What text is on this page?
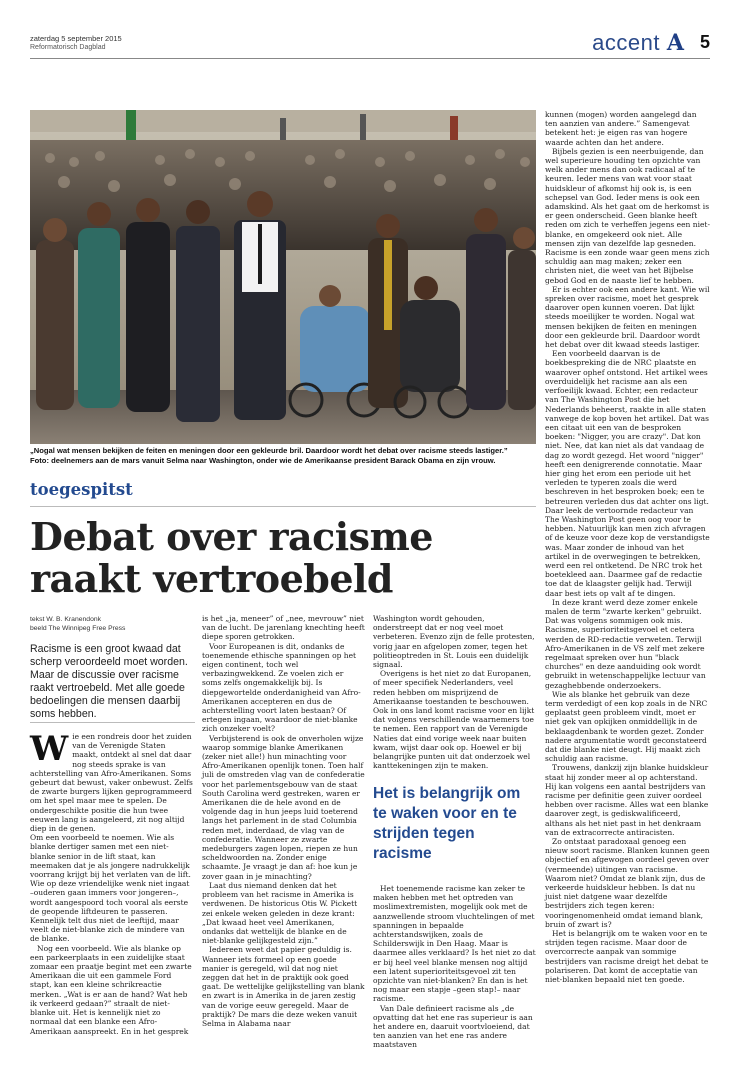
zaterdag 5 september 2015
Reformatorisch Dagblad	accent A 5
„Nogal wat mensen bekijken de feiten en meningen door een gekleurde bril. Daardoor wordt het debat over racisme steeds lastiger.”
Foto: deelnemers aan de mars vanuit Selma naar Washington, onder wie de Amerikaanse president Barack Obama en zijn vrouw.
toegespitst
Debat over racisme
raakt vertroebeld
tekst W. B. Kranendonk
beeld The Winnipeg Free Press
Racisme is een groot kwaad dat scherp veroordeeld moet worden. Maar de discussie over racisme raakt vertroebeld. Met alle goede bedoelingen die mensen daarbij soms hebben.
W ie een rondreis door het zuiden van de Verenigde Staten maakt, ontdekt al snel dat daar nog steeds sprake is van achterstelling van Afro-Amerikanen. Soms gebeurt dat bewust, vaker onbewust. Zelfs de zwarte burgers lijken geprogrammeerd om het spel maar mee te spelen. De ondergeschikte positie die hun twee eeuwen lang is aangeleerd, zit nog altijd diep in de genen.

Om een voorbeeld te noemen. Wie als blanke dertiger samen met een niet-blanke senior in de lift staat, kan meemaken dat je als jongere nadrukkelijk voorrang krijgt bij het verlaten van de lift. Wie op deze vriendelijke wenk niet ingaat –ouderen gaan immers voor jongeren–, wordt aangespoord toch vooral als eerste de geopende liftdeuren te passeren. Kennelijk telt dus niet de leeftijd, maar veelt de niet-blanke zich de mindere van de blanke.

Nog een voorbeeld. Wie als blanke op een parkeerplaats in een zuidelijke staat zomaar een praatje begint met een zwarte Amerikaan die uit een gammele Ford stapt, kan een kleine schrikreactie merken. „Wat is er aan de hand? Wat heb ik verkeerd gedaan?” straalt de niet-blanke uit. Het is kennelijk niet zo normaal dat een blanke een Afro-Amerikaan aanspreekt. En in het gesprek

is het „ja, meneer” of „nee, mevrouw” niet van de lucht. De jarenlang knechting heeft diepe sporen getrokken.

Voor Europeanen is dit, ondanks de toenemende ethische spanningen op het eigen continent, toch wel verbazingwekkend. Ze voelen zich er soms zelfs ongemakkelijk bij. Is diepgewortelde onderdanigheid van Afro-Amerikanen accepteren en dus de achterstelling voort laten bestaan? Of ertegen ingaan, waardoor de niet-blanke zich onzeker voelt?

Verbijsterend is ook de onverholen wijze waarop sommige blanke Amerikanen (zeker niet alle!) hun minachting voor Afro-Amerikanen openlijk tonen. Toen half juli de omstreden vlag van de confederatie voor het parlementsgebouw van de staat South Carolina werd gestreken, waren er Amerikanen die de hele avond en de volgende dag in hun jeeps luid toeterend langs het parlement in de stad Columbia reden met, inderdaad, de vlag van de confederatie. Wanneer ze zwarte medeburgers zagen lopen, riepen ze hun scheldwoorden na. Zonder enige schaamte. Je vraagt je dan af: hoe kun je zover gaan in je minachting?

Laat dus niemand denken dat het probleem van het racisme in Amerika is verdwenen. De historicus Otis W. Pickett zei enkele weken geleden in deze krant: „Dat kwaad heet veel Amerikanen, ondanks dat wettelijk de blanke en de niet-blanke gelijkgesteld zijn.”

Iedereen weet dat papier geduldig is. Wanneer iets formeel op een goede manier is geregeld, wil dat nog niet zeggen dat het in de praktijk ook goed gaat. De wettelijke gelijkstelling van blank en zwart is in Amerika in de jaren zestig van de vorige eeuw geregeld. Maar de praktijk? De mars die deze weken vanuit Selma in Alabama naar

Washington wordt gehouden, onderstreept dat er nog veel moet verbeteren. Evenzo zijn de felle protesten, vorig jaar en afgelopen zomer, tegen het politieoptreden in St. Louis een duidelijk signaal.

Overigens is het niet zo dat Europanen, of meer specifiek Nederlanders, veel reden hebben om misprijzend de Amerikaanse toestanden te beschouwen. Ook in ons land komt racisme voor en lijkt dat volgens verschillende waarnemers toe te nemen. Een rapport van de Verenigde Naties dat eind vorige week naar buiten kwam, wijst daar ook op. Hoewel er bij belangrijke punten uit dat onderzoek wel kanttekeningen zijn te maken.

Het is belangrijk om te waken voor en te strijden tegen racisme

Het toenemende racisme kan zeker te maken hebben met het optreden van moslimextremisten, mogelijk ook met de aanzwellende stroom vluchtelingen of met spanningen in bepaalde achterstandswijken, zoals de Schilderswijk in Den Haag. Maar is daarmee alles verklaard? Is het niet zo dat er bij heel veel blanke mensen nog altijd een latent superioriteitsgevoel zit ten opzichte van niet-blanken? En dan is het nog maar een stapje –geen stap!– naar racisme.

Van Dale definieert racisme als „de opvatting dat het ene ras superieur is aan het andere en, daaruit voortvloeiend, dat ten aanzien van het ene ras andere maatstaven

kunnen (mogen) worden aangelegd dan ten aanzien van andere.” Samengevat betekent het: je eigen ras van hogere waarde achten dan het andere.

Bijbels gezien is een neerbuigende, dan wel superieure houding ten opzichte van welk ander mens dan ook radicaal af te keuren. Ieder mens van wat voor staat huidskleur of afkomst hij ook is, is een schepsel van God. Ieder mens is ook een adamskind. Als het gaat om de herkomst is er geen onderscheid. Geen blanke heeft reden om zich te verheffen jegens een niet-blanke, en omgekeerd ook niet. Alle mensen zijn van dezelfde lap gesneden. Racisme is een zonde waar geen mens zich schuldig aan mag maken; zeker een christen niet, die weet van het Bijbelse gebod God en de naaste lief te hebben.

Er is echter ook een andere kant. Wie wil spreken over racisme, moet het gesprek daarover open kunnen voeren. Dat lijkt steeds moeilijker te worden. Nogal wat mensen bekijken de feiten en meningen door een gekleurde bril. Daardoor wordt het debat over dit kwaad steeds lastiger.

Een voorbeeld daarvan is de boekbespreking die de NRC plaatste en waarover ophef ontstond. Het artikel wees overduidelijk het racisme aan als een verfoeilijk kwaad. Echter, een redacteur van The Washington Post die het Nederlands beheerst, raakte in alle staten vanwege de kop boven het artikel. Dat was een citaat uit een van de besproken boeken: "Nigger, you are crazy". Dat kon niet. Nee, dat kan niet als dat vandaag de dag zo wordt gezegd. Het woord "nigger" heeft een denigrerende connotatie. Maar hier ging het erom een periode uit het verleden te typeren zoals die werd beschreven in het besproken boek; een te betreuren verleden dus dat achter ons ligt. Daar leek de vertoornde redacteur van The Washington Post geen oog voor te hebben. Natuurlijk kan men zich afvragen of de keuze voor deze kop de verstandigste was. Maar zonder de inhoud van het artikel in de overwegingen te betrekken, werd een rel ontketend. De NRC trok het boetekleed aan. Daarmee gaf de redactie toe dat de klaagster gelijk had. Terwijl daar best iets op valt af te dingen.

In deze krant werd deze zomer enkele malen de term "zwarte kerken" gebruikt. Dat was volgens sommigen ook mis. Racisme, superioriteitsgevoel et cetera werden de RD-redactie verweten. Terwijl Afro-Amerikanen in de VS zelf met zekere regelmaat spreken over hun "black churches" en deze aanduiding ook wordt gebruikt in wetenschappelijke lectuur van gezaghebbende onderzoekers.

Wie als blanke het gebruik van deze term verdedigt of een kop zoals in de NRC geplaatst geen probleem vindt, moet er niet gek van opkijken onmiddellijk in de beklaagdenbank te worden gezet. Zonder nadere argumentatie wordt geconstateerd dat die blanke niet deugt. Hij maakt zich schuldig aan racisme.

Trouwens, dankzij zijn blanke huidskleur staat hij zonder meer al op achterstand. Hij kan volgens een aantal bestrijders van racisme per definitie geen zuiver oordeel hebben over racisme. Alles wat een blanke daarover zegt, is gediskwalificeerd, althans als het niet past in het denkraam van de extracorrecte antiracisten.

Zo ontstaat paradoxaal genoeg een nieuw soort racisme. Blanken kunnen geen objectief en afgewogen oordeel geven over (vermeende) uitingen van racisme. Waarom niet? Omdat ze blank zijn, dus de verkeerde huidskleur hebben. Is dat nu juist niet datgene waar dezelfde bestrijders zich tegen keren: vooringenomenheid omdat iemand blank, bruin of zwart is?

Het is belangrijk om te waken voor en te strijden tegen racisme. Maar door de overcorrecte aanpak van sommige bestrijders van racisme dreigt het debat te polariseren. Dat komt de acceptatie van niet-blanken bepaald niet ten goede.
